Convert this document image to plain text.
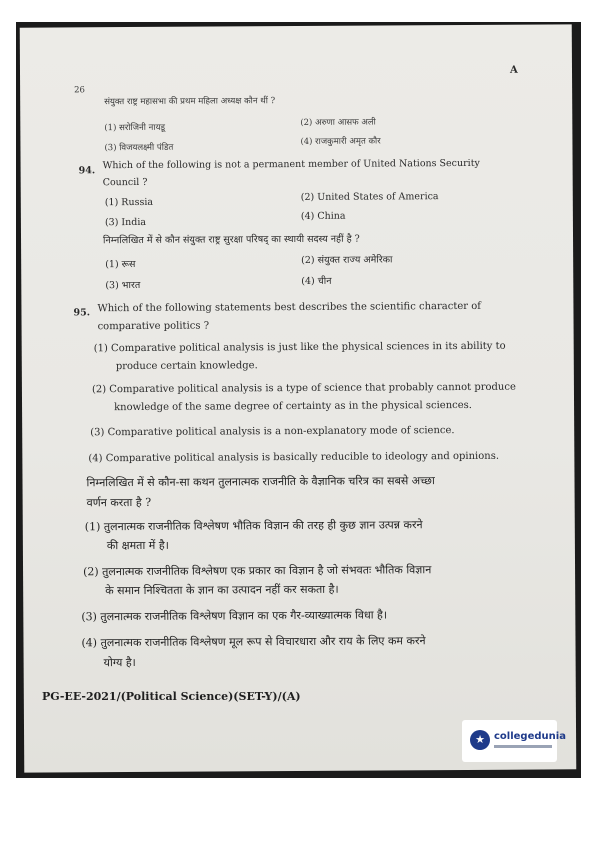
26
A
संयुक्त राष्ट्र महासभा की प्रथम महिला अध्यक्ष कौन थीं ?
(1) सरोजिनी नायडू
(2) अरुणा आसफ अली
(3) विजयलक्ष्मी पंडित
(4) राजकुमारी अमृत कौर
94. Which of the following is not a permanent member of United Nations Security
Council ?
(1) Russia	(2) United States of America
(3) India
(4) China
निम्नलिखित में से कौन संयुक्त राष्ट्र सुरक्षा परिषद् का स्थायी सदस्य नहीं है ?
(1) रूस	(2) संयुक्त राज्य अमेरिका
(3) भारत	(4) चीन
95. Which of the following statements best describes the scientific character of
comparative politics ?
(1) Comparative political analysis is just like the physical sciences in its ability to
produce certain knowledge.
(2) Comparative political analysis is a type of science that probably cannot produce
knowledge of the same degree of certainty as in the physical sciences.
(3) Comparative political analysis is a non-explanatory mode of science.
(4) Comparative political analysis is basically reducible to ideology and opinions.
निम्नलिखित में से कौन-सा कथन तुलनात्मक राजनीति के वैज्ञानिक चरित्र का सबसे अच्छा
वर्णन करता है ?
(1) तुलनात्मक राजनीतिक विश्लेषण भौतिक विज्ञान की तरह ही कुछ ज्ञान उत्पन्न करने
की क्षमता में है।
(2) तुलनात्मक राजनीतिक विश्लेषण एक प्रकार का विज्ञान है जो संभवतः भौतिक विज्ञान
के समान निश्चितता के ज्ञान का उत्पादन नहीं कर सकता है।
(3) तुलनात्मक राजनीतिक विश्लेषण विज्ञान का एक गैर-व्याख्यात्मक विधा है।
(4) तुलनात्मक राजनीतिक विश्लेषण मूल रूप से विचारधारा और राय के लिए कम करने
योग्य है।
PG-EE-2021/(Political Science)(SET-Y)/(A)
★ collegedunia
